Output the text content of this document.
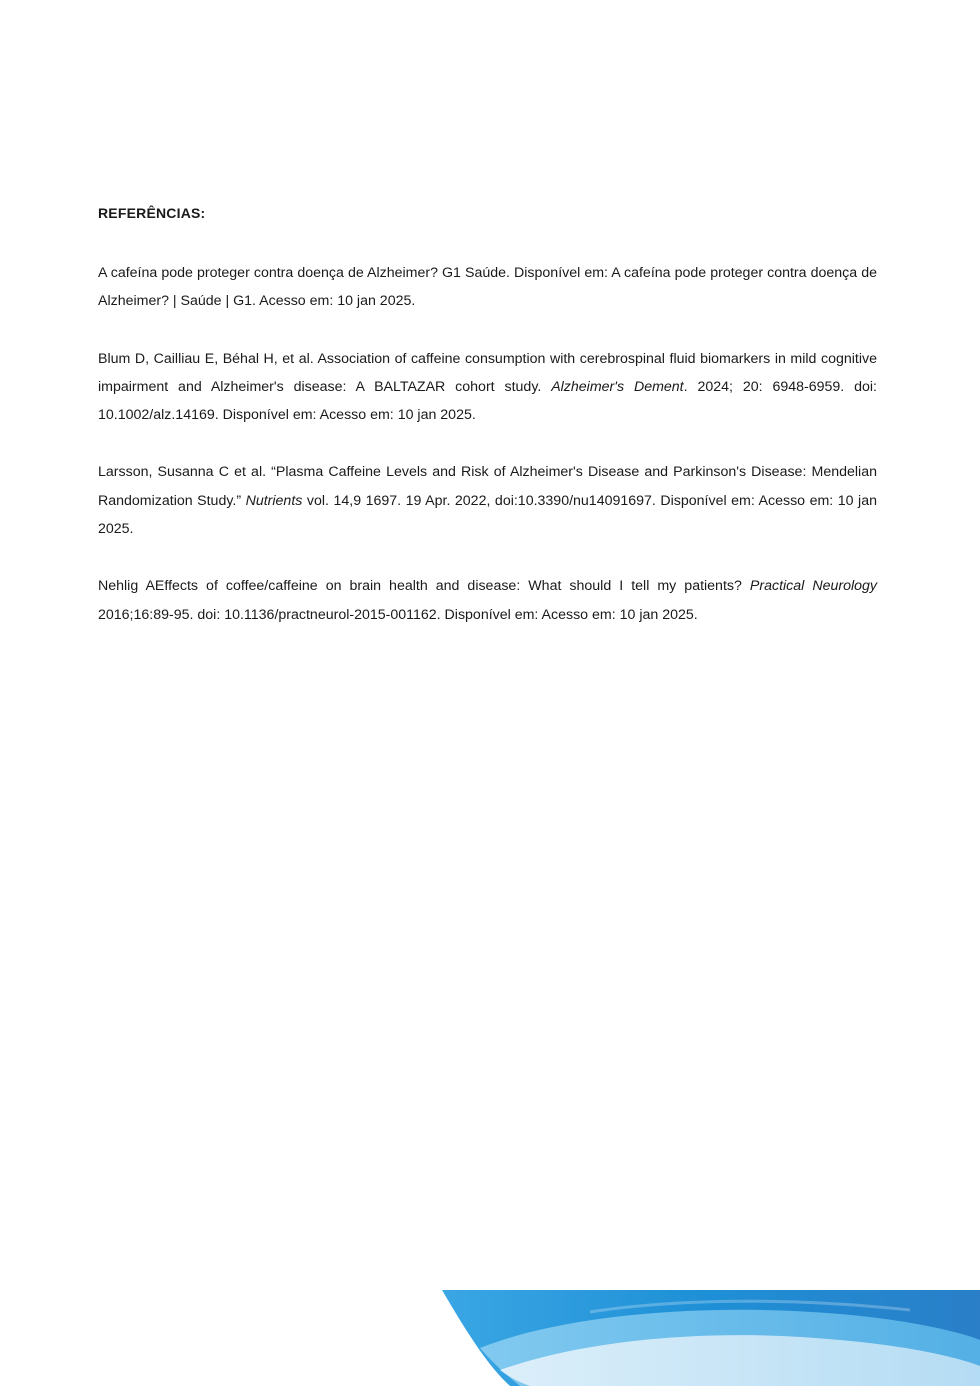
REFERÊNCIAS:

A cafeína pode proteger contra doença de Alzheimer? G1 Saúde. Disponível em: A cafeína pode proteger contra doença de Alzheimer? | Saúde | G1. Acesso em: 10 jan 2025.

Blum D, Cailliau E, Béhal H, et al. Association of caffeine consumption with cerebrospinal fluid biomarkers in mild cognitive impairment and Alzheimer's disease: A BALTAZAR cohort study. Alzheimer's Dement. 2024; 20: 6948-6959. doi: 10.1002/alz.14169. Disponível em: Acesso em: 10 jan 2025.

Larsson, Susanna C et al. “Plasma Caffeine Levels and Risk of Alzheimer's Disease and Parkinson's Disease: Mendelian Randomization Study.” Nutrients vol. 14,9 1697. 19 Apr. 2022, doi:10.3390/nu14091697. Disponível em: Acesso em: 10 jan 2025.

Nehlig AEffects of coffee/caffeine on brain health and disease: What should I tell my patients? Practical Neurology 2016;16:89-95. doi: 10.1136/practneurol-2015-001162. Disponível em: Acesso em: 10 jan 2025.
